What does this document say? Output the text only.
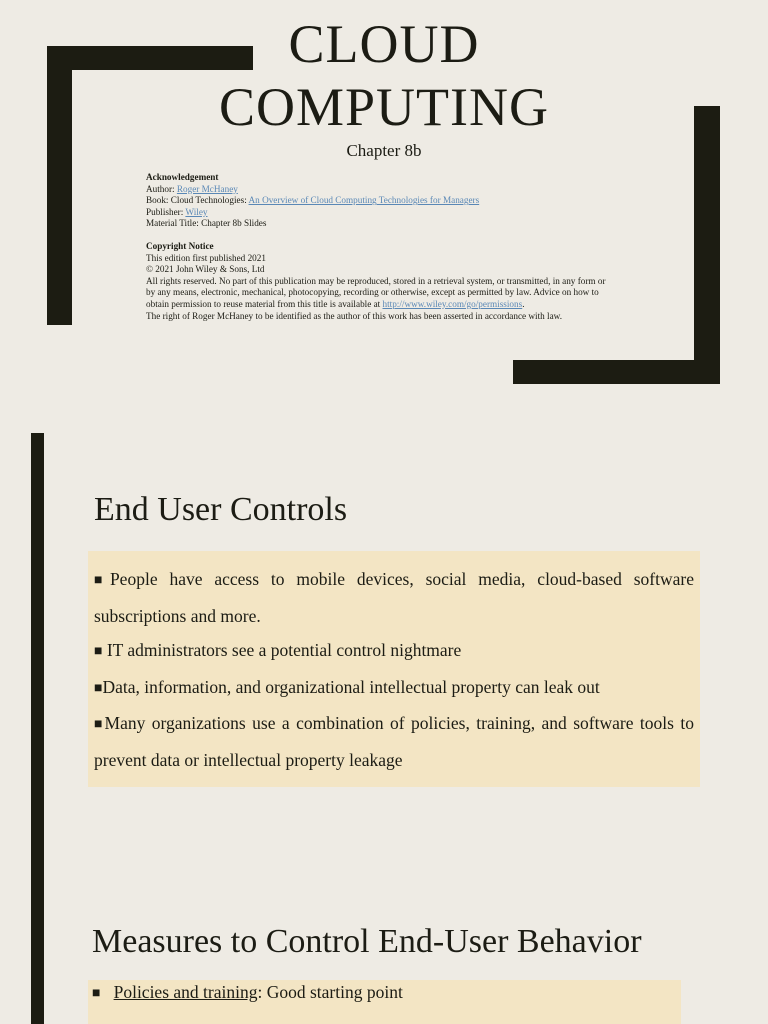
CLOUD
COMPUTING
Chapter 8b
Acknowledgement
Author: Roger McHaney
Book: Cloud Technologies: An Overview of Cloud Computing Technologies for Managers
Publisher: Wiley
Material Title: Chapter 8b Slides
Copyright Notice
This edition first published 2021
© 2021 John Wiley & Sons, Ltd
All rights reserved. No part of this publication may be reproduced, stored in a retrieval system, or transmitted, in any form or
by any means, electronic, mechanical, photocopying, recording or otherwise, except as permitted by law. Advice on how to
obtain permission to reuse material from this title is available at http://www.wiley.com/go/permissions.
The right of Roger McHaney to be identified as the author of this work has been asserted in accordance with law.
End User Controls

■People have access to mobile devices, social media, cloud-based software subscriptions and more.

■ IT administrators see a potential control nightmare

■Data, information, and organizational intellectual property can leak out

■Many organizations use a combination of policies, training, and software tools to prevent data or intellectual property leakage

Measures to Control End-User Behavior

■ Policies and training: Good starting point
